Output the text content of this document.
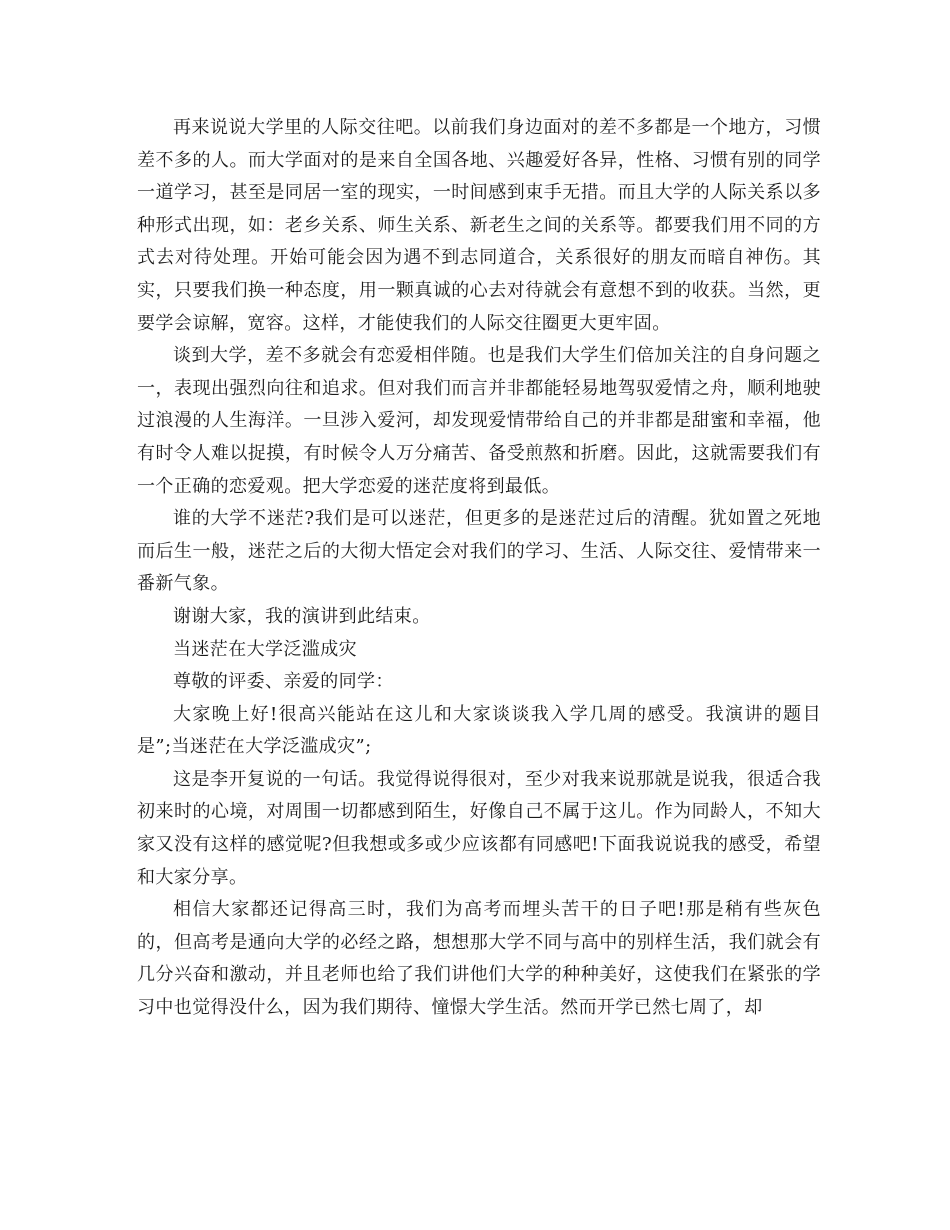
再来说说大学里的人际交往吧。以前我们身边面对的差不多都是一个地方，习惯差不多的人。而大学面对的是来自全国各地、兴趣爱好各异，性格、习惯有别的同学一道学习，甚至是同居一室的现实，一时间感到束手无措。而且大学的人际关系以多种形式出现，如：老乡关系、师生关系、新老生之间的关系等。都要我们用不同的方式去对待处理。开始可能会因为遇不到志同道合，关系很好的朋友而暗自神伤。其实，只要我们换一种态度，用一颗真诚的心去对待就会有意想不到的收获。当然，更要学会谅解，宽容。这样，才能使我们的人际交往圈更大更牢固。

谈到大学，差不多就会有恋爱相伴随。也是我们大学生们倍加关注的自身问题之一，表现出强烈向往和追求。但对我们而言并非都能轻易地驾驭爱情之舟，顺利地驶过浪漫的人生海洋。一旦涉入爱河，却发现爱情带给自己的并非都是甜蜜和幸福，他有时令人难以捉摸，有时候令人万分痛苦、备受煎熬和折磨。因此，这就需要我们有一个正确的恋爱观。把大学恋爱的迷茫度将到最低。

谁的大学不迷茫?我们是可以迷茫，但更多的是迷茫过后的清醒。犹如置之死地而后生一般，迷茫之后的大彻大悟定会对我们的学习、生活、人际交往、爱情带来一番新气象。

谢谢大家，我的演讲到此结束。

当迷茫在大学泛滥成灾

尊敬的评委、亲爱的同学：

大家晚上好!很高兴能站在这儿和大家谈谈我入学几周的感受。我演讲的题目是”;当迷茫在大学泛滥成灾”;

这是李开复说的一句话。我觉得说得很对，至少对我来说那就是说我，很适合我初来时的心境，对周围一切都感到陌生，好像自己不属于这儿。作为同龄人，不知大家又没有这样的感觉呢?但我想或多或少应该都有同感吧!下面我说说我的感受，希望和大家分享。

相信大家都还记得高三时，我们为高考而埋头苦干的日子吧!那是稍有些灰色的，但高考是通向大学的必经之路，想想那大学不同与高中的别样生活，我们就会有几分兴奋和激动，并且老师也给了我们讲他们大学的种种美好，这使我们在紧张的学习中也觉得没什么，因为我们期待、憧憬大学生活。然而开学已然七周了，却
